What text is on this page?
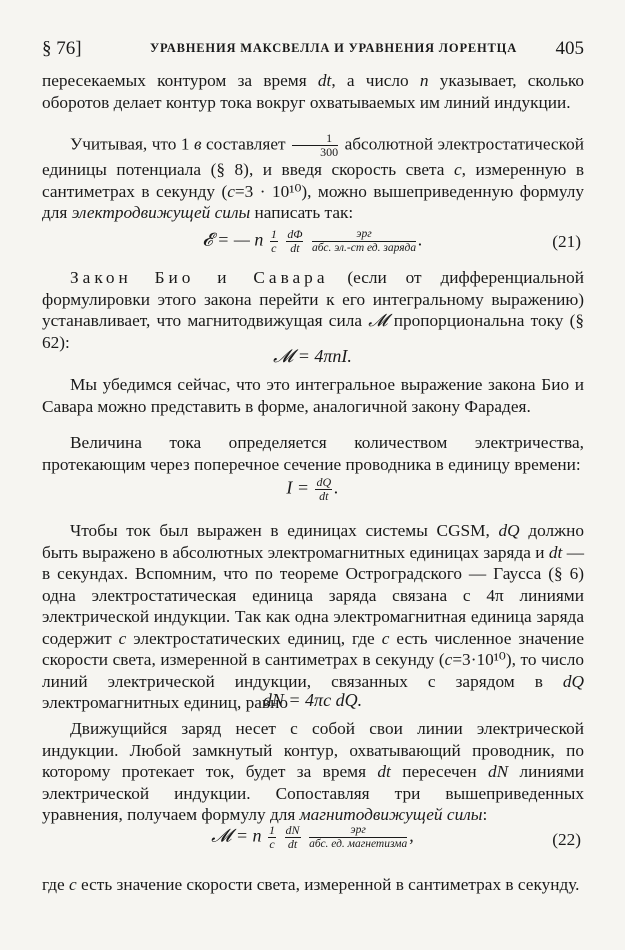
§ 76]	УРАВНЕНИЯ МАКСВЕЛЛА И УРАВНЕНИЯ ЛОРЕНТЦА 405
пересекаемых контуром за время dt, а число n указывает, сколько оборотов делает контур тока вокруг охватываемых им линий индукции.
Учитывая, что 1 в составляет $\frac{1}{300}$ абсолютной электростатической единицы потенциала (§ 8), и введя скорость света c, измеренную в сантиметрах в секунду (c=3 · 10¹⁰), можно вышеприведенную формулу для электродвижущей силы написать так:
𝓔 = — n $\frac{1}{c}$
$\frac{d\Phi}{dt}$
$\frac{\text{эрг}}{\text{абс. эл.-ст ед. заряда}}$ .	(21)
Закон Био и Савара (если от дифференциальной формулировки этого закона перейти к его интегральному выражению) устанавливает, что магнитодвижущая сила 𝓜 пропорциональна току (§ 62):
𝓜 = 4πnI.
Мы убедимся сейчас, что это интегральное выражение закона Био и Савара можно представить в форме, аналогичной закону Фарадея.
Величина тока определяется количеством электричества, протекающим через поперечное сечение проводника в единицу времени:
$I = \frac{dQ}{dt}$ .
Чтобы ток был выражен в единицах системы CGSM, dQ должно быть выражено в абсолютных электромагнитных единицах заряда и dt — в секундах. Вспомним, что по теореме Остроградского — Гаусса (§ 6) одна электростатическая единица заряда связана с 4π линиями электрической индукции. Так как одна электромагнитная единица заряда содержит c электростатических единиц, где c есть численное значение скорости света, измеренной в сантиметрах в секунду (c=3·10¹⁰), то число линий электрической индукции, связанных с зарядом в dQ электромагнитных единиц, равно
dN = 4πc dQ.
Движущийся заряд несет с собой свои линии электрической индукции. Любой замкнутый контур, охватывающий проводник, по которому протекает ток, будет за время dt пересечен dN линиями электрической индукции. Сопоставляя три вышеприведенных уравнения, получаем формулу для магнитодвижущей силы:
𝓜 = n $\frac{1}{c}$
$\frac{dN}{dt}$
$\frac{\text{эрг}}{\text{абс. ед. магнетизма}}$ ,	(22)
где c есть значение скорости света, измеренной в сантиметрах в секунду.
